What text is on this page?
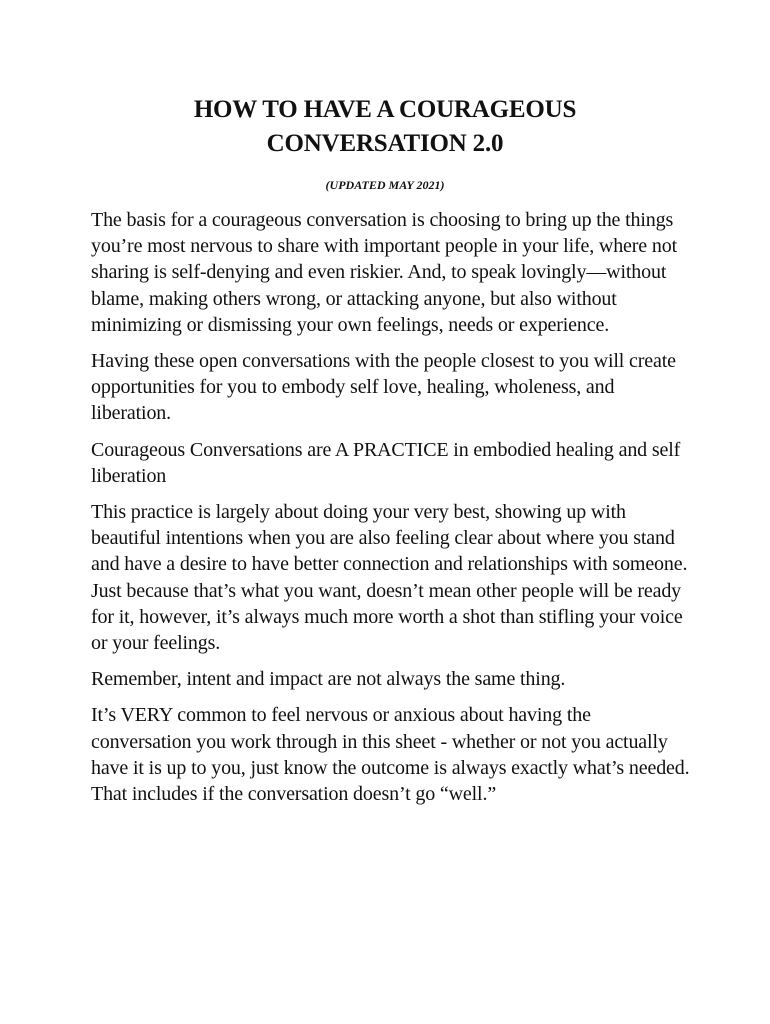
HOW TO HAVE A COURAGEOUS
CONVERSATION 2.0
(UPDATED MAY 2021)

The basis for a courageous conversation is choosing to bring up the things you’re most nervous to share with important people in your life, where not sharing is self-denying and even riskier. And, to speak lovingly—without blame, making others wrong, or attacking anyone, but also without minimizing or dismissing your own feelings, needs or experience.

Having these open conversations with the people closest to you will create opportunities for you to embody self love, healing, wholeness, and liberation.

Courageous Conversations are A PRACTICE in embodied healing and self liberation

This practice is largely about doing your very best, showing up with beautiful intentions when you are also feeling clear about where you stand and have a desire to have better connection and relationships with someone. Just because that’s what you want, doesn’t mean other people will be ready for it, however, it’s always much more worth a shot than stifling your voice or your feelings.

Remember, intent and impact are not always the same thing.

It’s VERY common to feel nervous or anxious about having the conversation you work through in this sheet - whether or not you actually have it is up to you, just know the outcome is always exactly what’s needed. That includes if the conversation doesn’t go “well.”
